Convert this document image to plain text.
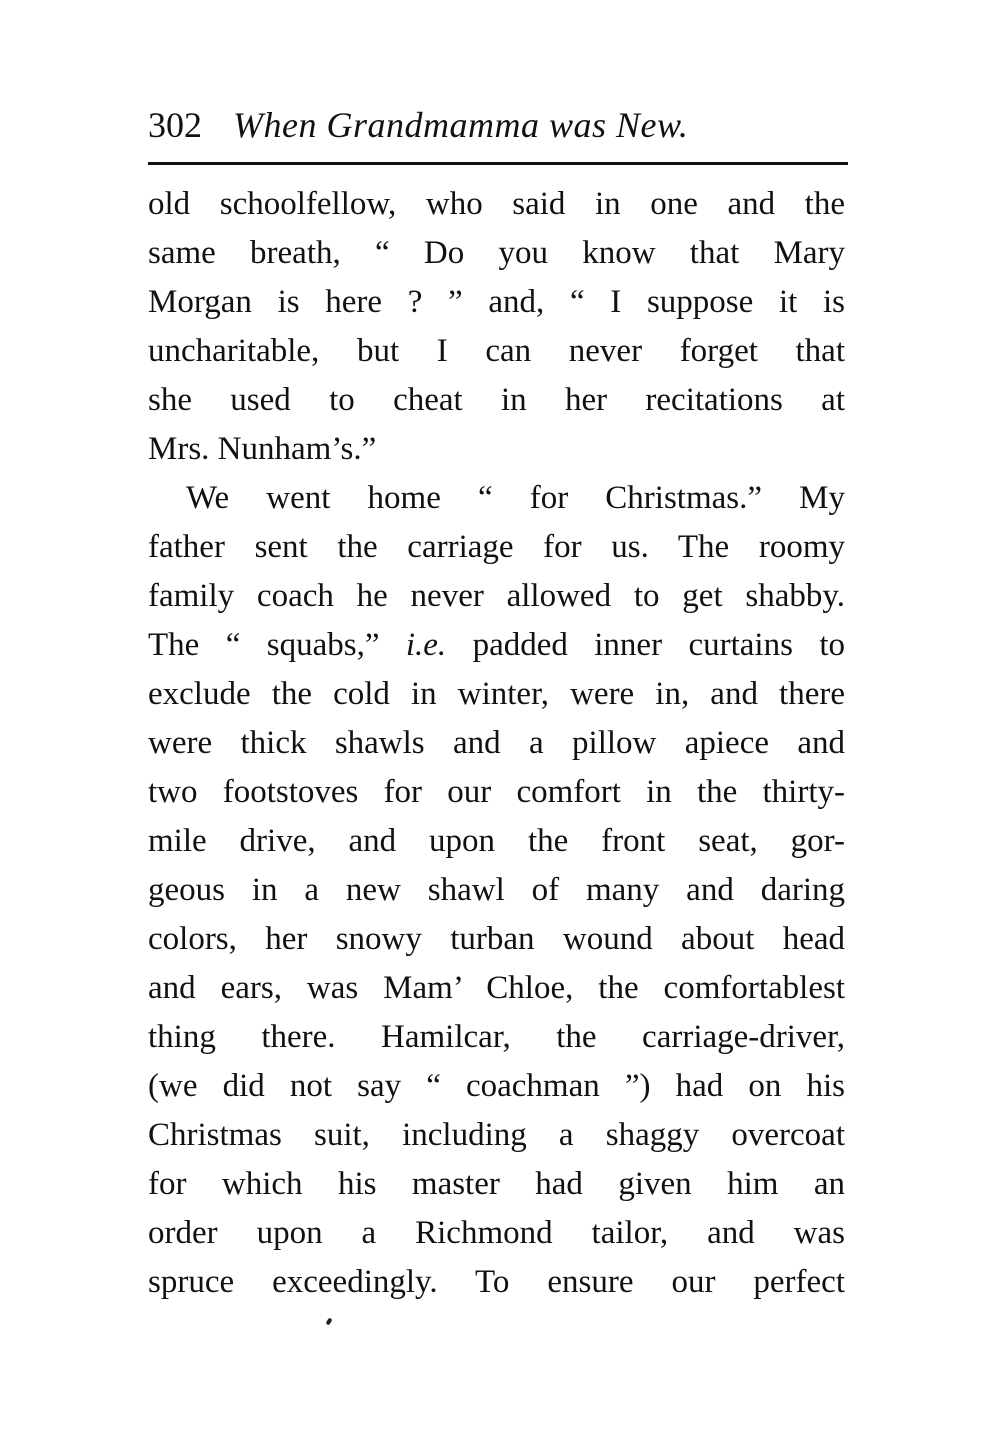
302 When Grandmamma was New.
old schoolfellow, who said in one and the
same breath, “ Do you know that Mary
Morgan is here ? ” and, “ I suppose it is
uncharitable, but I can never forget that
she used to cheat in her recitations at
Mrs. Nunham’s.”
We went home “ for Christmas.” My
father sent the carriage for us. The roomy
family coach he never allowed to get shabby.
The “ squabs,” i.e. padded inner curtains to
exclude the cold in winter, were in, and there
were thick shawls and a pillow apiece and
two footstoves for our comfort in the thirty-
mile drive, and upon the front seat, gor-
geous in a new shawl of many and daring
colors, her snowy turban wound about head
and ears, was Mam’ Chloe, the comfortablest
thing there. Hamilcar, the carriage-driver,
(we did not say “ coachman ”) had on his
Christmas suit, including a shaggy overcoat
for which his master had given him an
order upon a Richmond tailor, and was
spruce exceedingly. To ensure our perfect
